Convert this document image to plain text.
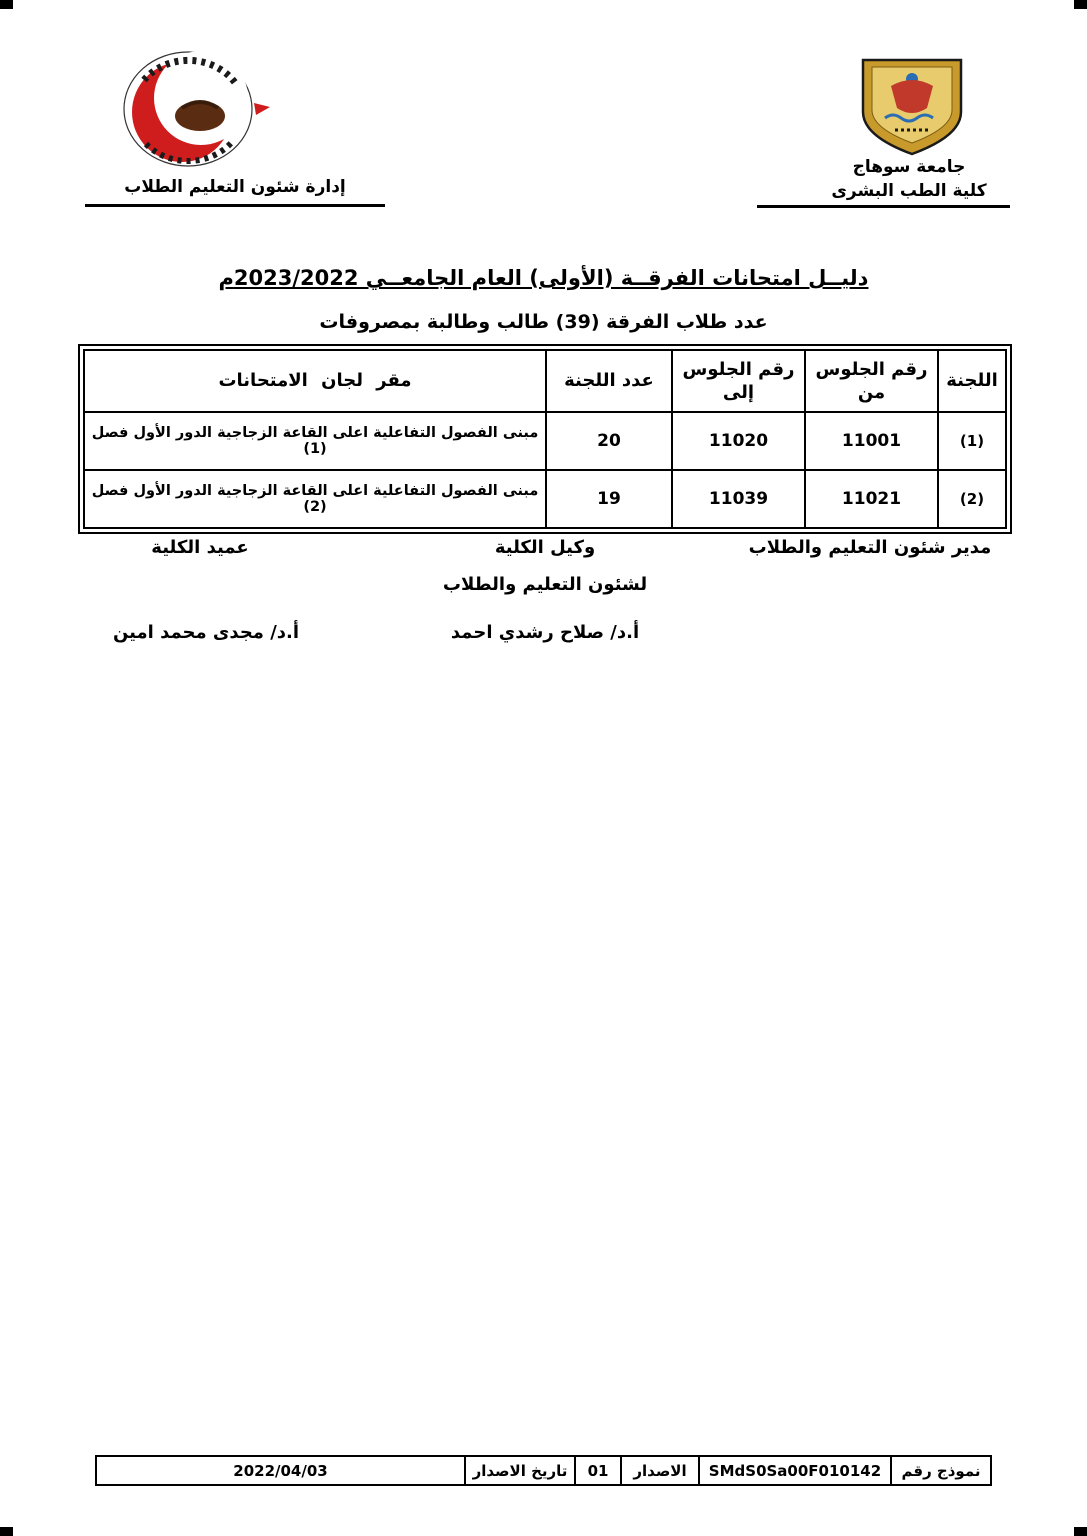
إدارة شئون التعليم الطلاب
جامعة سوهاج
كلية الطب البشرى
دليــل امتحانات الفرقــة (الأولى) العام الجامعــي 2023/2022م
عدد طلاب الفرقة (39) طالب وطالبة بمصروفات
اللجنة	رقم الجلوس من	رقم الجلوس إلى	عدد اللجنة	مقر لجان الامتحانات
(1)	11001	11020	20	مبنى الفصول التفاعلية اعلى القاعة الزجاجية الدور الأول فصل (1)
(2)	11021	11039	19	مبنى الفصول التفاعلية اعلى القاعة الزجاجية الدور الأول فصل (2)
مدير شئون التعليم والطلاب
وكيل الكلية
عميد الكلية
لشئون التعليم والطلاب
أ.د/ صلاح رشدي احمد
أ.د/ مجدى محمد امين
نموذج رقم
SMdS0Sa00F010142
الاصدار
01
تاريخ الاصدار
2022/04/03
